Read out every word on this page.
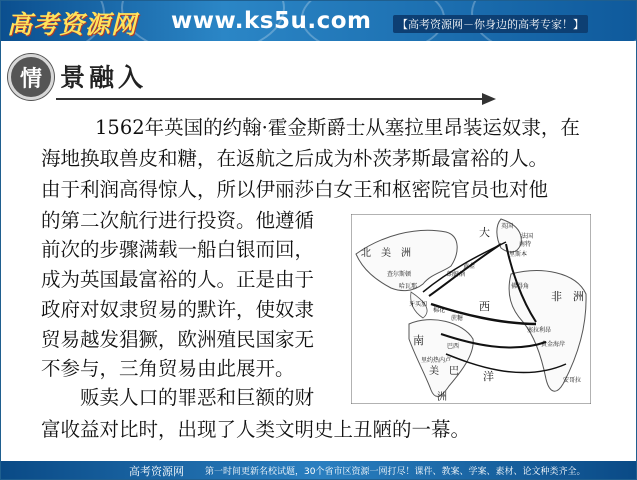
高考资源网 www.ks5u.com	【高考资源网－你身边的高考专家！】
情 景融入
1562年英国的约翰·霍金斯爵士从塞拉里昂装运奴隶，在
海地换取兽皮和糖，在返航之后成为朴茨茅斯最富裕的人。
由于利润高得惊人，所以伊丽莎白女王和枢密院官员也对他
的第二次航行进行投资。他遵循
前次的步骤满载一船白银而回，
成为英国最富裕的人。正是由于
政府对奴隶贸易的默许，使奴隶
贸易越发猖獗，欧洲殖民国家无
不参与，三角贸易由此展开。
贩卖人口的罪恶和巨额的财
富收益对比时，出现了人类文明史上丑陋的一幕。
北　美　洲
大
西
洋
非　洲
南
美　巴
洲
哈瓦那
黄金海岸
安哥拉
塞拉利昂
里斯本
英国
法国
巴西
里约热内卢
牙买加
南特
佛得角
查尔斯顿
黄金
朗姆酒
蔗糖
棉花
高考资源网 第一时间更新名校试题，30个省市区资源一网打尽！课件、教案、学案、素材、论文种类齐全。
